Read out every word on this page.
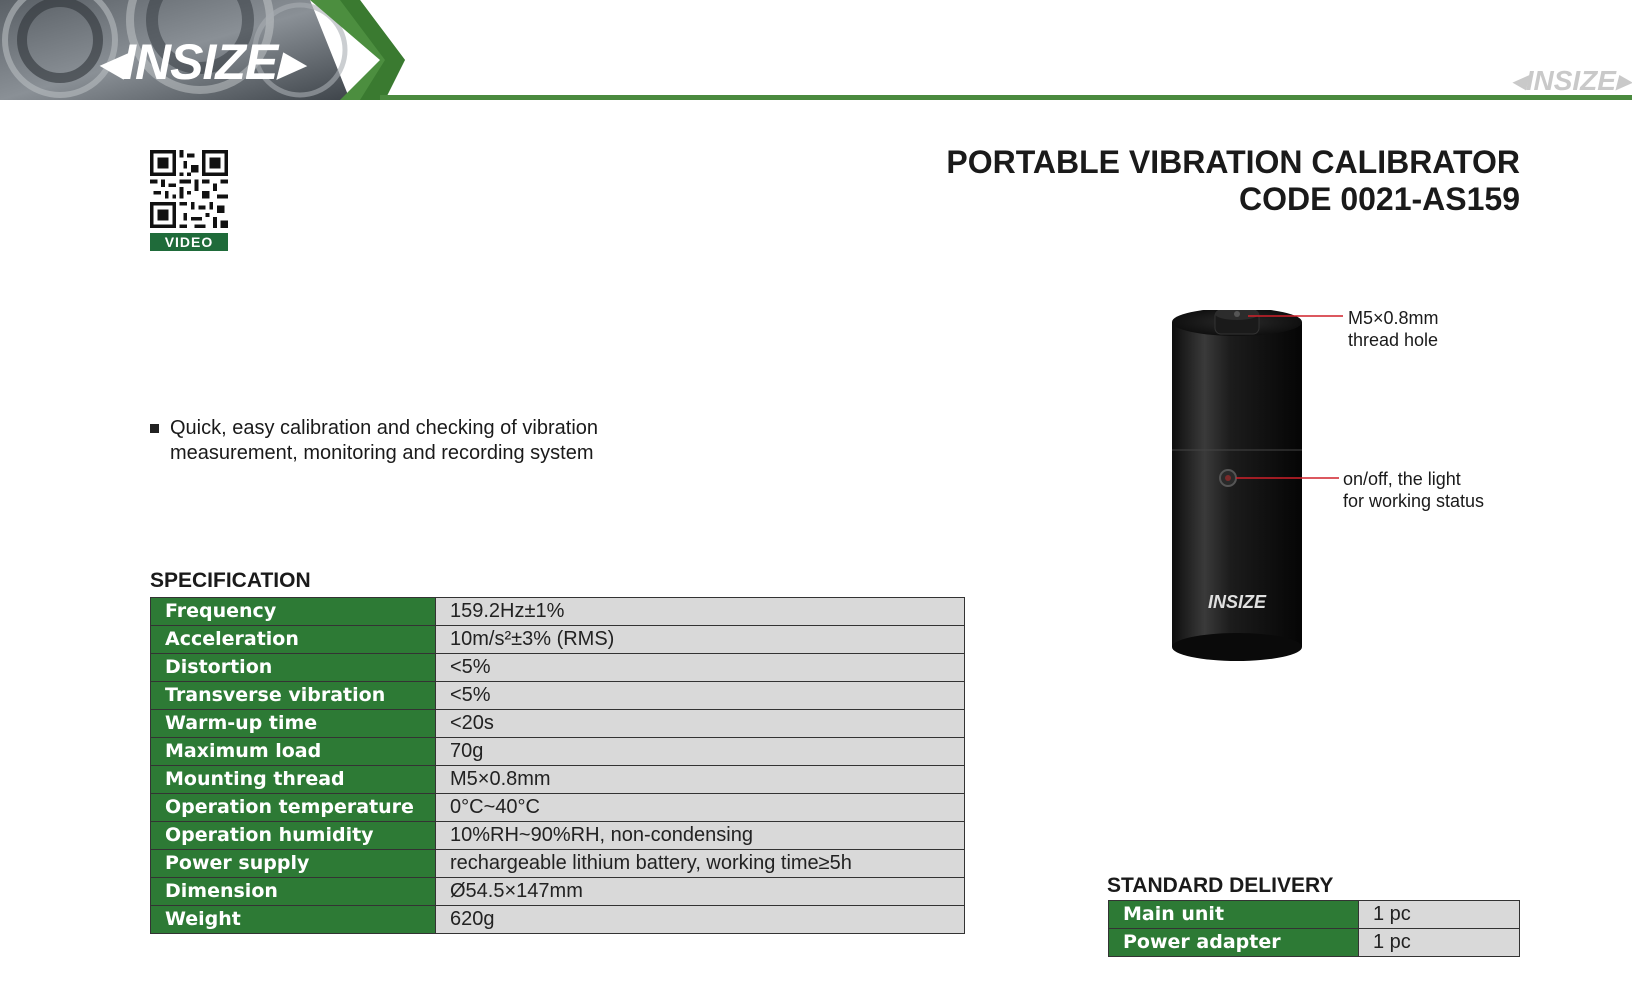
◂INSIZE▸	◂INSIZE▸
VIDEO
PORTABLE VIBRATION CALIBRATOR
CODE 0021-AS159
Quick, easy calibration and checking of vibration measurement, monitoring and recording system
INSIZE
M5×0.8mm
thread hole
on/off, the light
for working status
SPECIFICATION
Frequency	159.2Hz±1%
Acceleration	10m/s²±3% (RMS)
Distortion	<5%
Transverse vibration	<5%
Warm-up time	<20s
Maximum load	70g
Mounting thread	M5×0.8mm
Operation temperature	0°C~40°C
Operation humidity	10%RH~90%RH, non-condensing
Power supply	rechargeable lithium battery, working time≥5h
Dimension	Ø54.5×147mm
Weight	620g
STANDARD DELIVERY
Main unit	1 pc
Power adapter	1 pc
